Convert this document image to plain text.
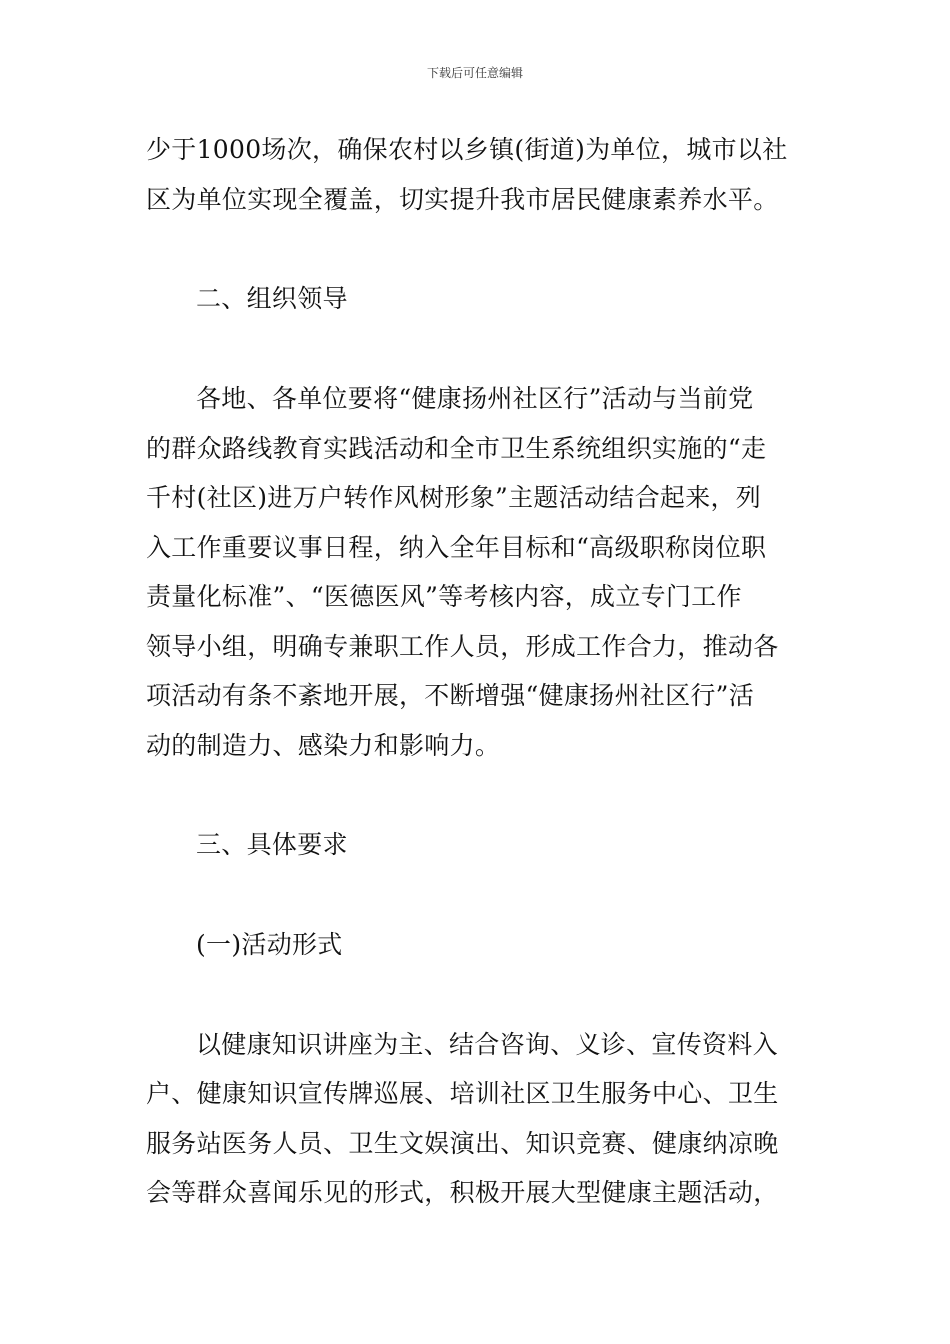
下载后可任意编辑
少于1000场次，确保农村以乡镇(街道)为单位，城市以社
区为单位实现全覆盖，切实提升我市居民健康素养水平。
二、组织领导
各地、各单位要将“健康扬州社区行”活动与当前党
的群众路线教育实践活动和全市卫生系统组织实施的“走
千村(社区)进万户转作风树形象”主题活动结合起来，列
入工作重要议事日程，纳入全年目标和“高级职称岗位职
责量化标准”、“医德医风”等考核内容，成立专门工作
领导小组，明确专兼职工作人员，形成工作合力，推动各
项活动有条不紊地开展，不断增强“健康扬州社区行”活
动的制造力、感染力和影响力。
三、具体要求
(一)活动形式
以健康知识讲座为主、结合咨询、义诊、宣传资料入
户、健康知识宣传牌巡展、培训社区卫生服务中心、卫生
服务站医务人员、卫生文娱演出、知识竞赛、健康纳凉晚
会等群众喜闻乐见的形式，积极开展大型健康主题活动，
